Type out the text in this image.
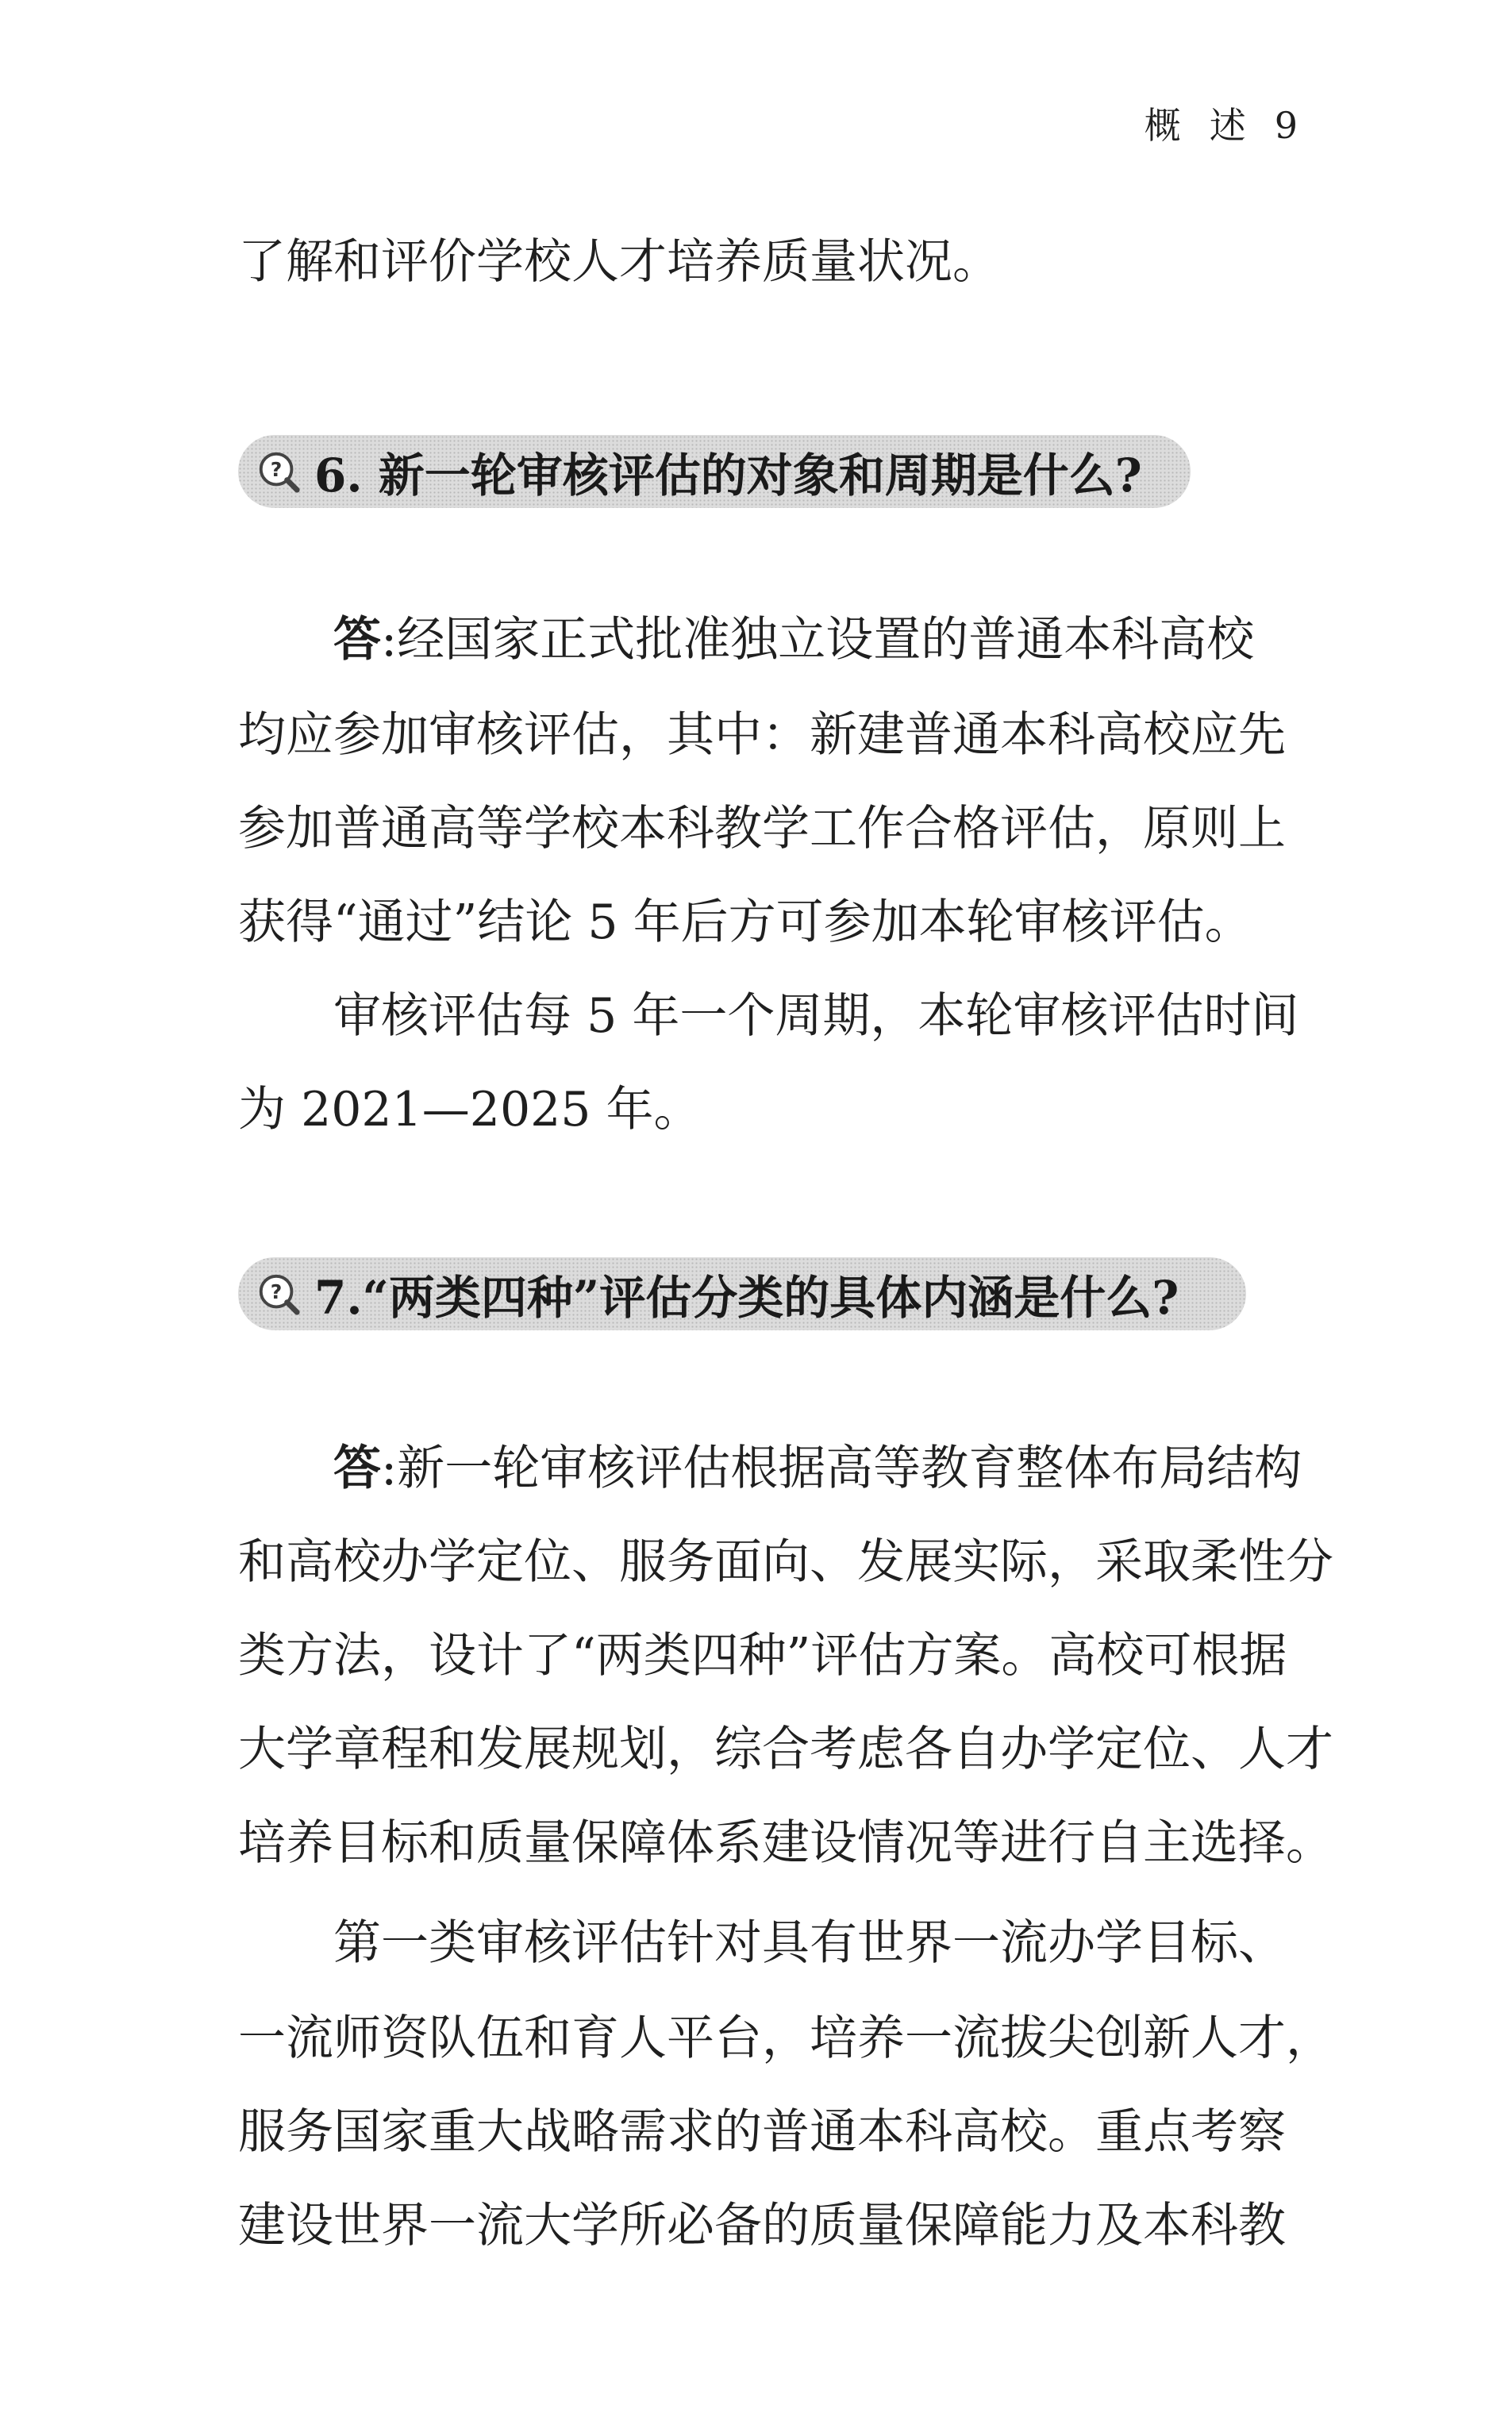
概 述 9
了解和评价学校人才培养质量状况。
? 6. 新一轮审核评估的对象和周期是什么?
答:经国家正式批准独立设置的普通本科高校
均应参加审核评估，其中：新建普通本科高校应先
参加普通高等学校本科教学工作合格评估，原则上
获得“通过”结论 5 年后方可参加本轮审核评估。
审核评估每 5 年一个周期，本轮审核评估时间
为 2021—2025 年。
? 7.“两类四种”评估分类的具体内涵是什么?
答:新一轮审核评估根据高等教育整体布局结构
和高校办学定位、服务面向、发展实际，采取柔性分
类方法，设计了“两类四种”评估方案。高校可根据
大学章程和发展规划，综合考虑各自办学定位、人才
培养目标和质量保障体系建设情况等进行自主选择。
第一类审核评估针对具有世界一流办学目标、
一流师资队伍和育人平台，培养一流拔尖创新人才，
服务国家重大战略需求的普通本科高校。重点考察
建设世界一流大学所必备的质量保障能力及本科教
